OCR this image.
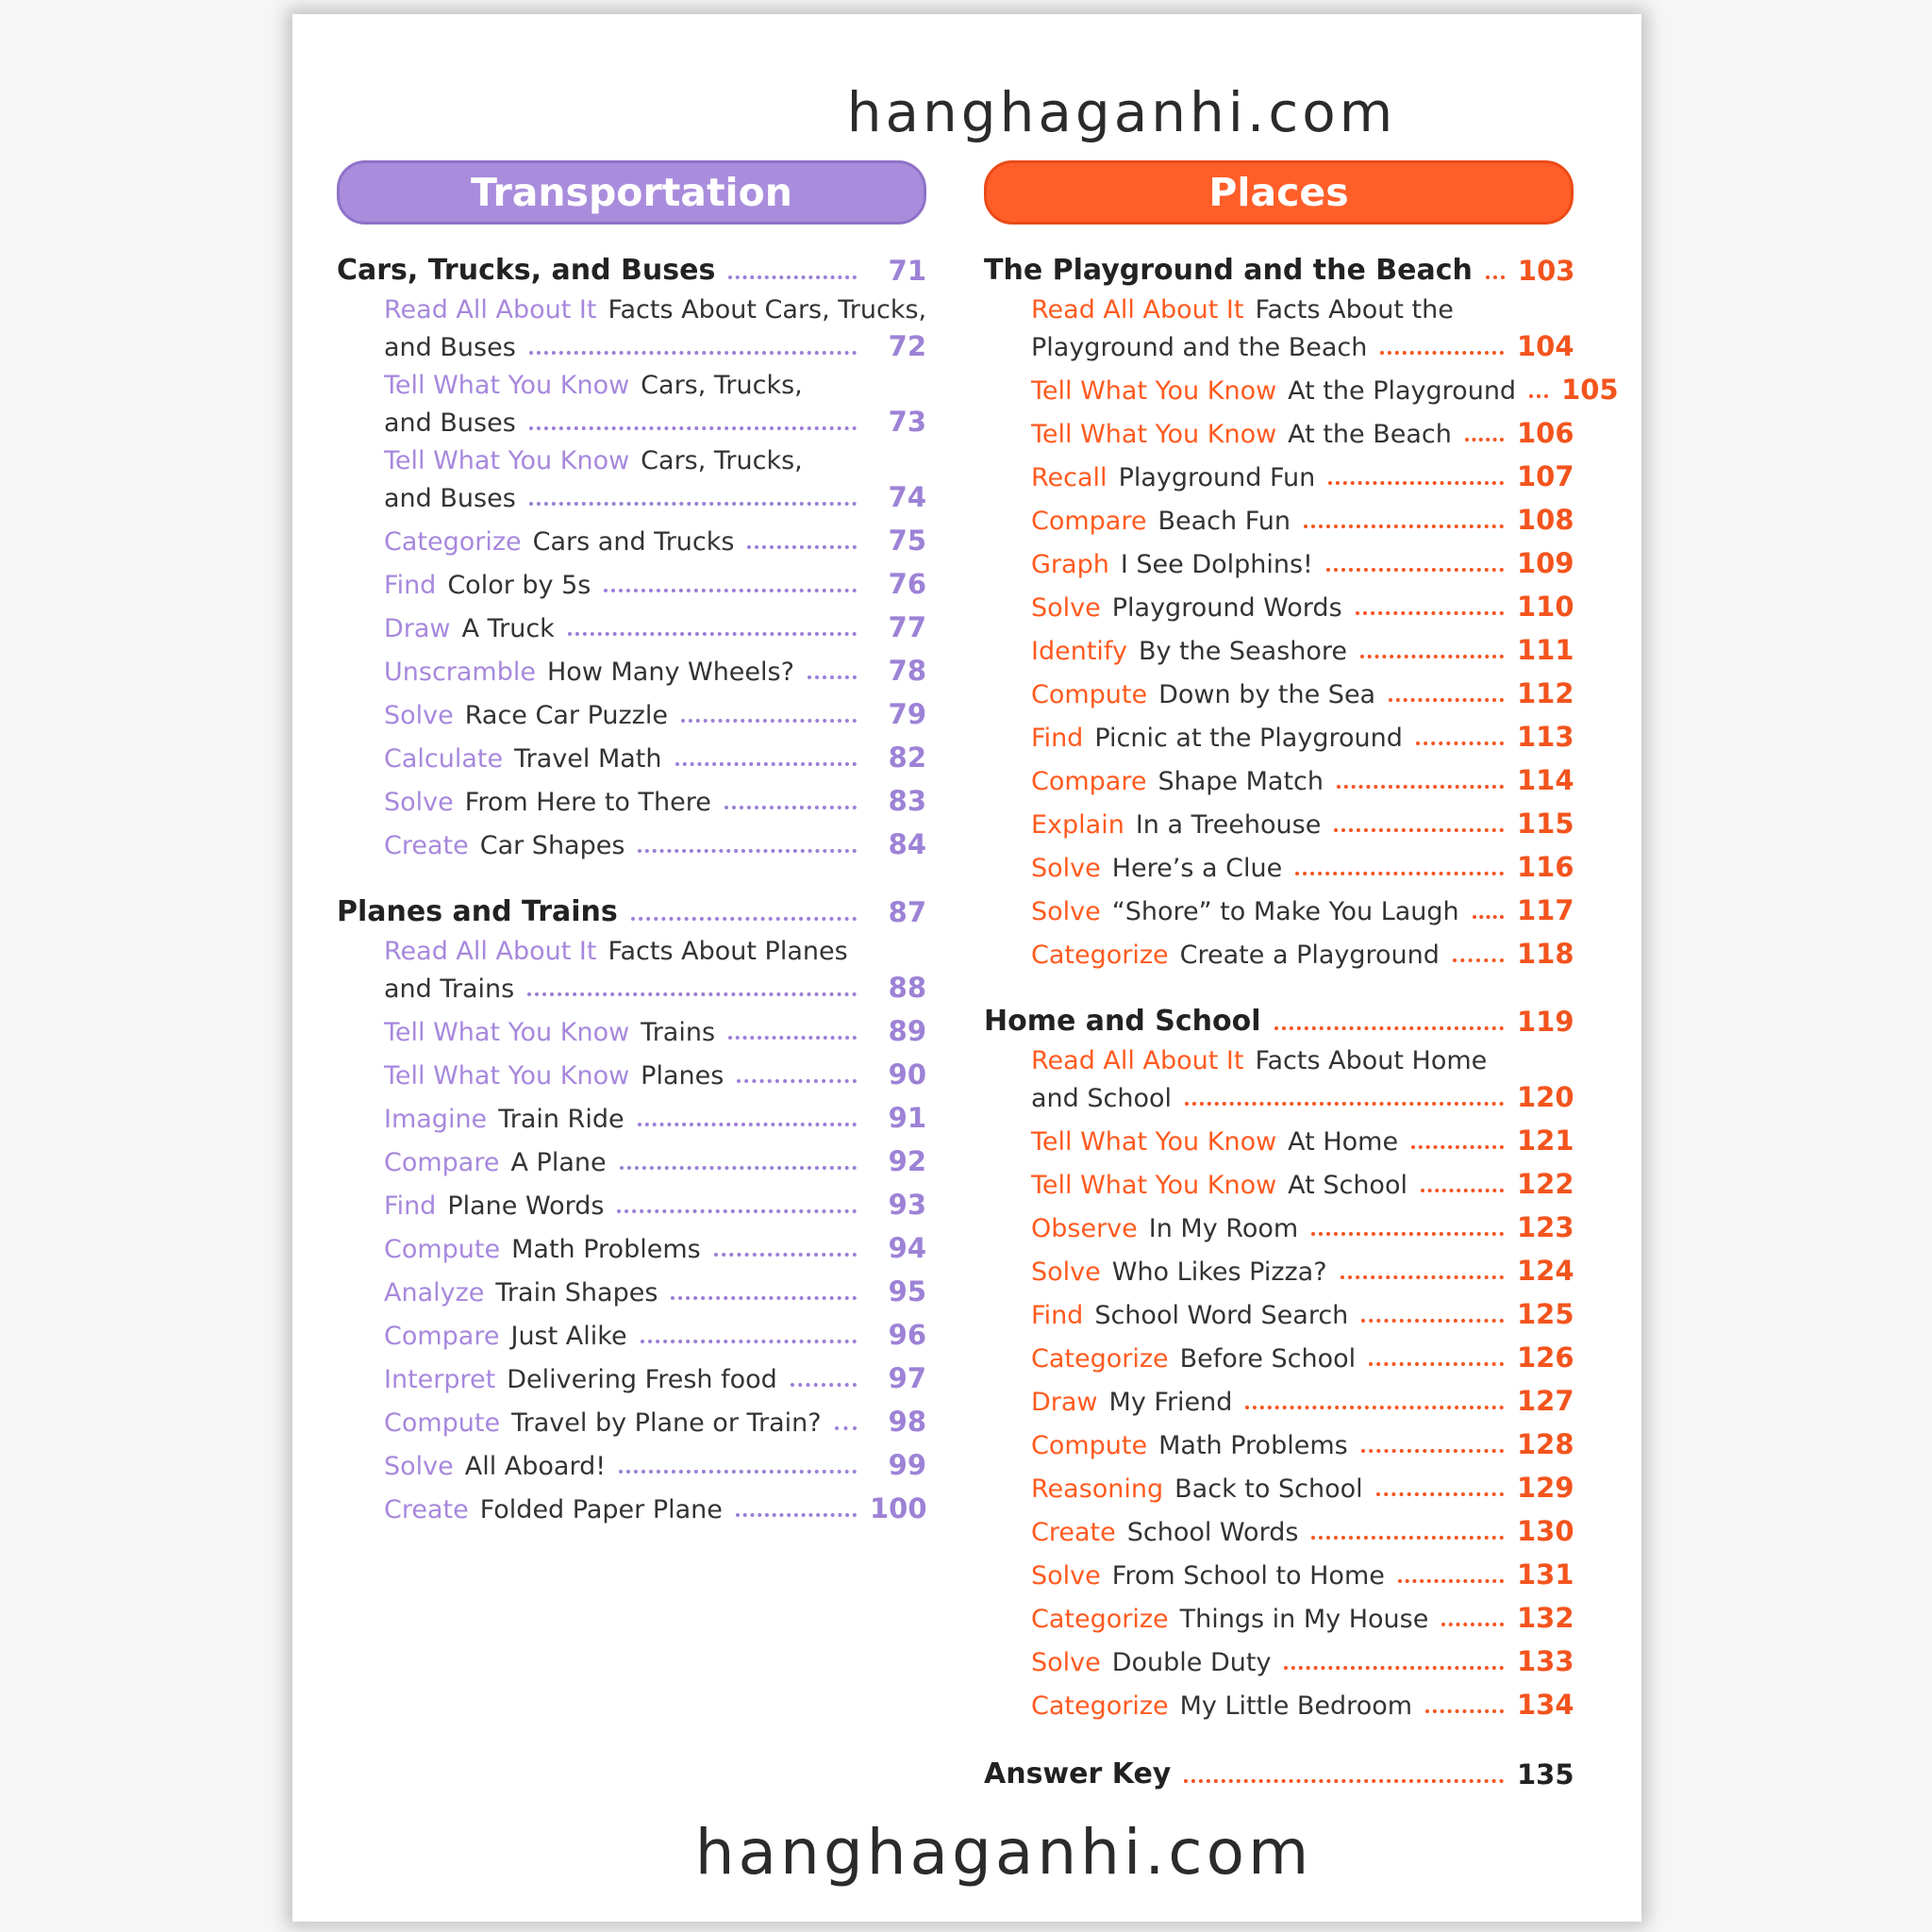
hanghaganhi.com
Transportation
Cars, Trucks, and Buses	71
Read All About It Facts About Cars, Trucks,
and Buses	72
Tell What You Know Cars, Trucks,
and Buses	73
Tell What You Know Cars, Trucks,
and Buses	74
Categorize Cars and Trucks	75
Find Color by 5s	76
Draw A Truck	77
Unscramble How Many Wheels?	78
Solve Race Car Puzzle	79
Calculate Travel Math	82
Solve From Here to There	83
Create Car Shapes	84
Planes and Trains	87
Read All About It Facts About Planes
and Trains	88
Tell What You Know Trains	89
Tell What You Know Planes	90
Imagine Train Ride	91
Compare A Plane	92
Find Plane Words	93
Compute Math Problems	94
Analyze Train Shapes	95
Compare Just Alike	96
Interpret Delivering Fresh food	97
Compute Travel by Plane or Train?	98
Solve All Aboard!	99
Create Folded Paper Plane	100
Places
The Playground and the Beach 103
Read All About It Facts About the
Playground and the Beach	104
Tell What You Know At the Playground 105
Tell What You Know At the Beach 106
Recall Playground Fun	107
Compare Beach Fun	108
Graph I See Dolphins!	109
Solve Playground Words	110
Identify By the Seashore	111
Compute Down by the Sea	112
Find Picnic at the Playground	113
Compare Shape Match	114
Explain In a Treehouse	115
Solve Here’s a Clue	116
Solve “Shore” to Make You Laugh 117
Categorize Create a Playground	118
Home and School	119
Read All About It Facts About Home
and School	120
Tell What You Know At Home	121
Tell What You Know At School	122
Observe In My Room	123
Solve Who Likes Pizza?	124
Find School Word Search	125
Categorize Before School	126
Draw My Friend	127
Compute Math Problems	128
Reasoning Back to School	129
Create School Words	130
Solve From School to Home	131
Categorize Things in My House	132
Solve Double Duty	133
Categorize My Little Bedroom	134
Answer Key	135
hanghaganhi.com
